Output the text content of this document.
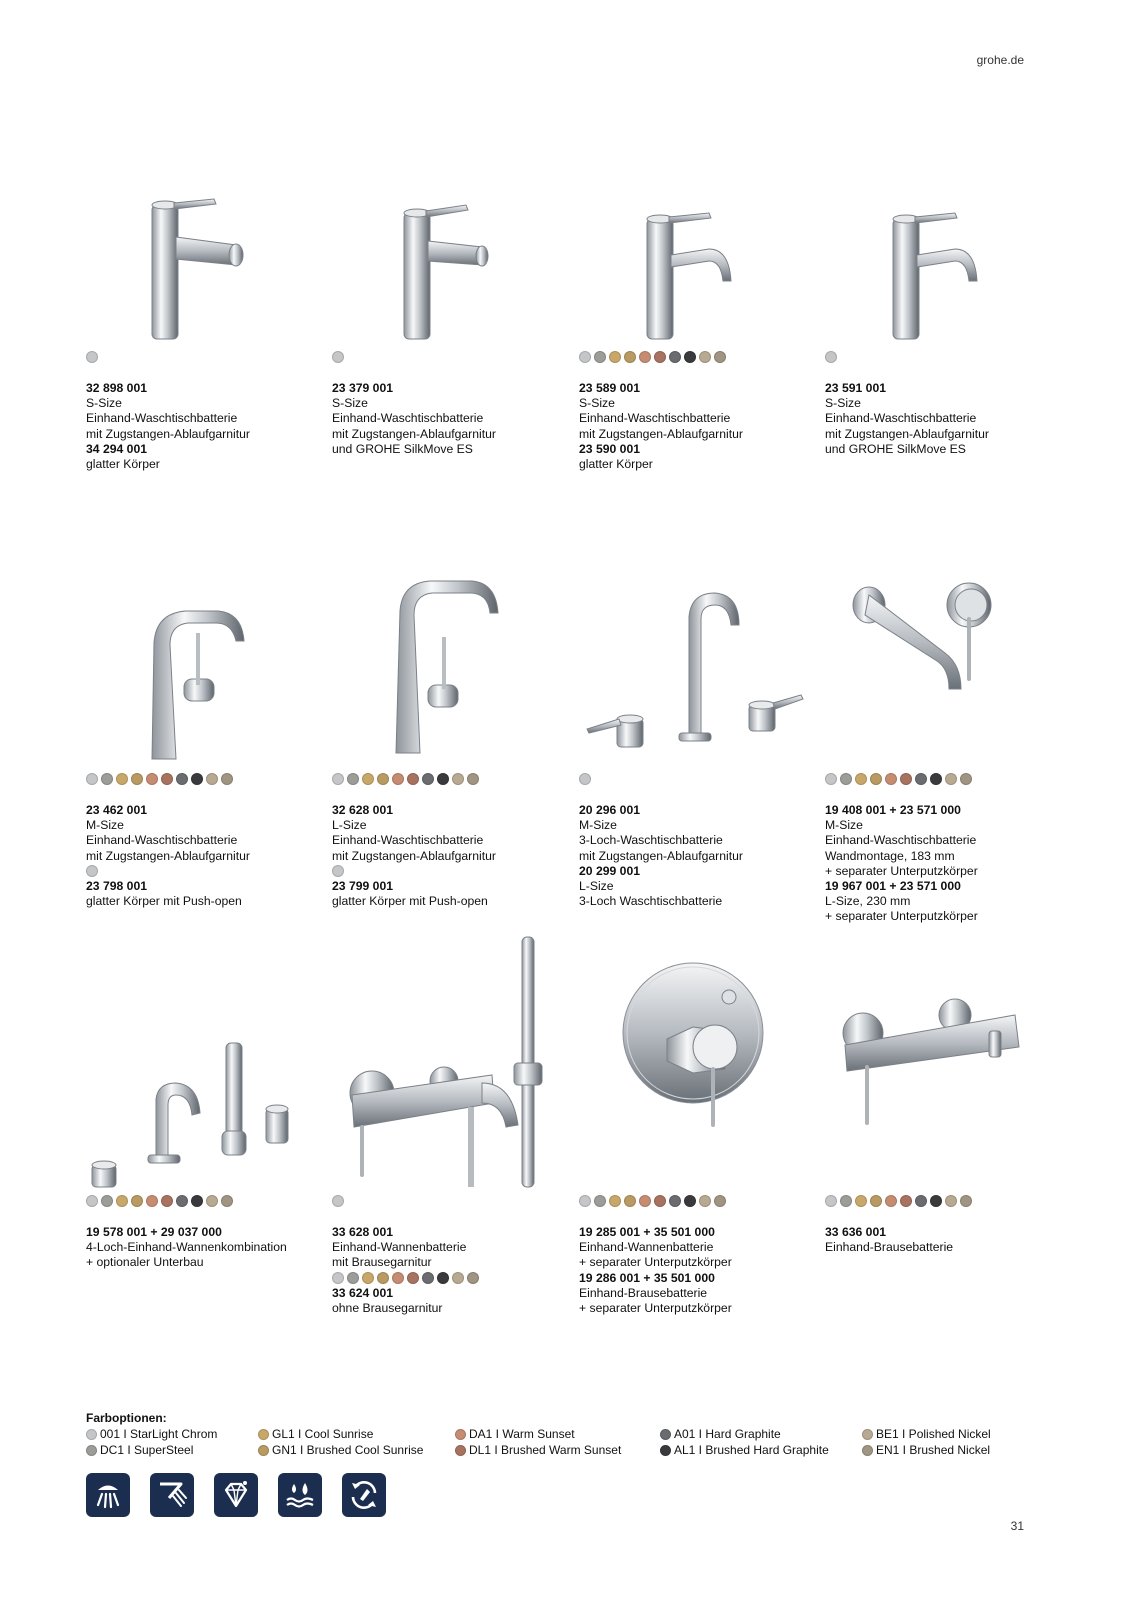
grohe.de
31
32 898 001
S-Size
Einhand-Waschtischbatterie
mit Zugstangen-Ablaufgarnitur
34 294 001
glatter Körper
23 379 001
S-Size
Einhand-Waschtischbatterie
mit Zugstangen-Ablaufgarnitur
und GROHE SilkMove ES
23 589 001
S-Size
Einhand-Waschtischbatterie
mit Zugstangen-Ablaufgarnitur
23 590 001
glatter Körper
23 591 001
S-Size
Einhand-Waschtischbatterie
mit Zugstangen-Ablaufgarnitur
und GROHE SilkMove ES
23 462 001
M-Size
Einhand-Waschtischbatterie
mit Zugstangen-Ablaufgarnitur
23 798 001
glatter Körper mit Push-open
32 628 001
L-Size
Einhand-Waschtischbatterie
mit Zugstangen-Ablaufgarnitur
23 799 001
glatter Körper mit Push-open
20 296 001
M-Size
3-Loch-Waschtischbatterie
mit Zugstangen-Ablaufgarnitur
20 299 001
L-Size
3-Loch Waschtischbatterie
19 408 001 + 23 571 000
M-Size
Einhand-Waschtischbatterie
Wandmontage, 183 mm
+ separater Unterputzkörper
19 967 001 + 23 571 000
L-Size, 230 mm
+ separater Unterputzkörper
19 578 001 + 29 037 000
4-Loch-Einhand-Wannenkombination
+ optionaler Unterbau
33 628 001
Einhand-Wannenbatterie
mit Brausegarnitur
33 624 001
ohne Brausegarnitur
19 285 001 + 35 501 000
Einhand-Wannenbatterie
+ separater Unterputzkörper
19 286 001 + 35 501 000
Einhand-Brausebatterie
+ separater Unterputzkörper
33 636 001
Einhand-Brausebatterie
Farboptionen:
001 I StarLight Chrom
DC1 I SuperSteel
GL1 I Cool Sunrise
GN1 I Brushed Cool Sunrise
DA1 I Warm Sunset
DL1 I Brushed Warm Sunset
A01 I Hard Graphite
AL1 I Brushed Hard Graphite
BE1 I Polished Nickel
EN1 I Brushed Nickel
